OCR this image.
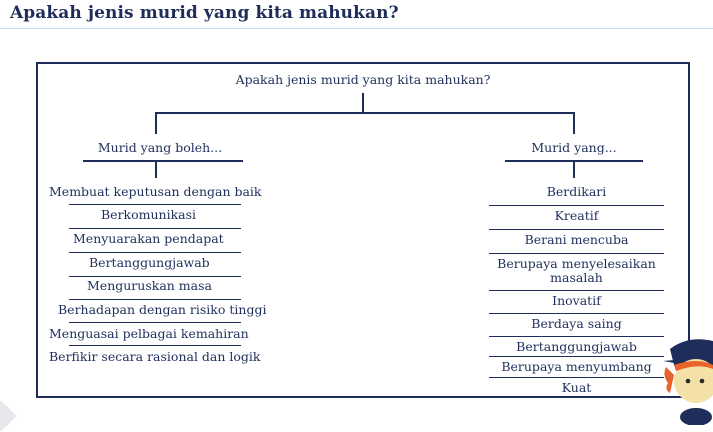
Apakah jenis murid yang kita mahukan?
Apakah jenis murid yang kita mahukan?
Murid yang boleh...
Membuat keputusan dengan baik
Berkomunikasi
Menyuarakan pendapat
Bertanggungjawab
Menguruskan masa
Berhadapan dengan risiko tinggi
Menguasai pelbagai kemahiran
Berfikir secara rasional dan logik
Murid yang...
Berdikari
Kreatif
Berani mencuba
Berupaya menyelesaikan masalah
Inovatif
Berdaya saing
Bertanggungjawab
Berupaya menyumbang
Kuat
